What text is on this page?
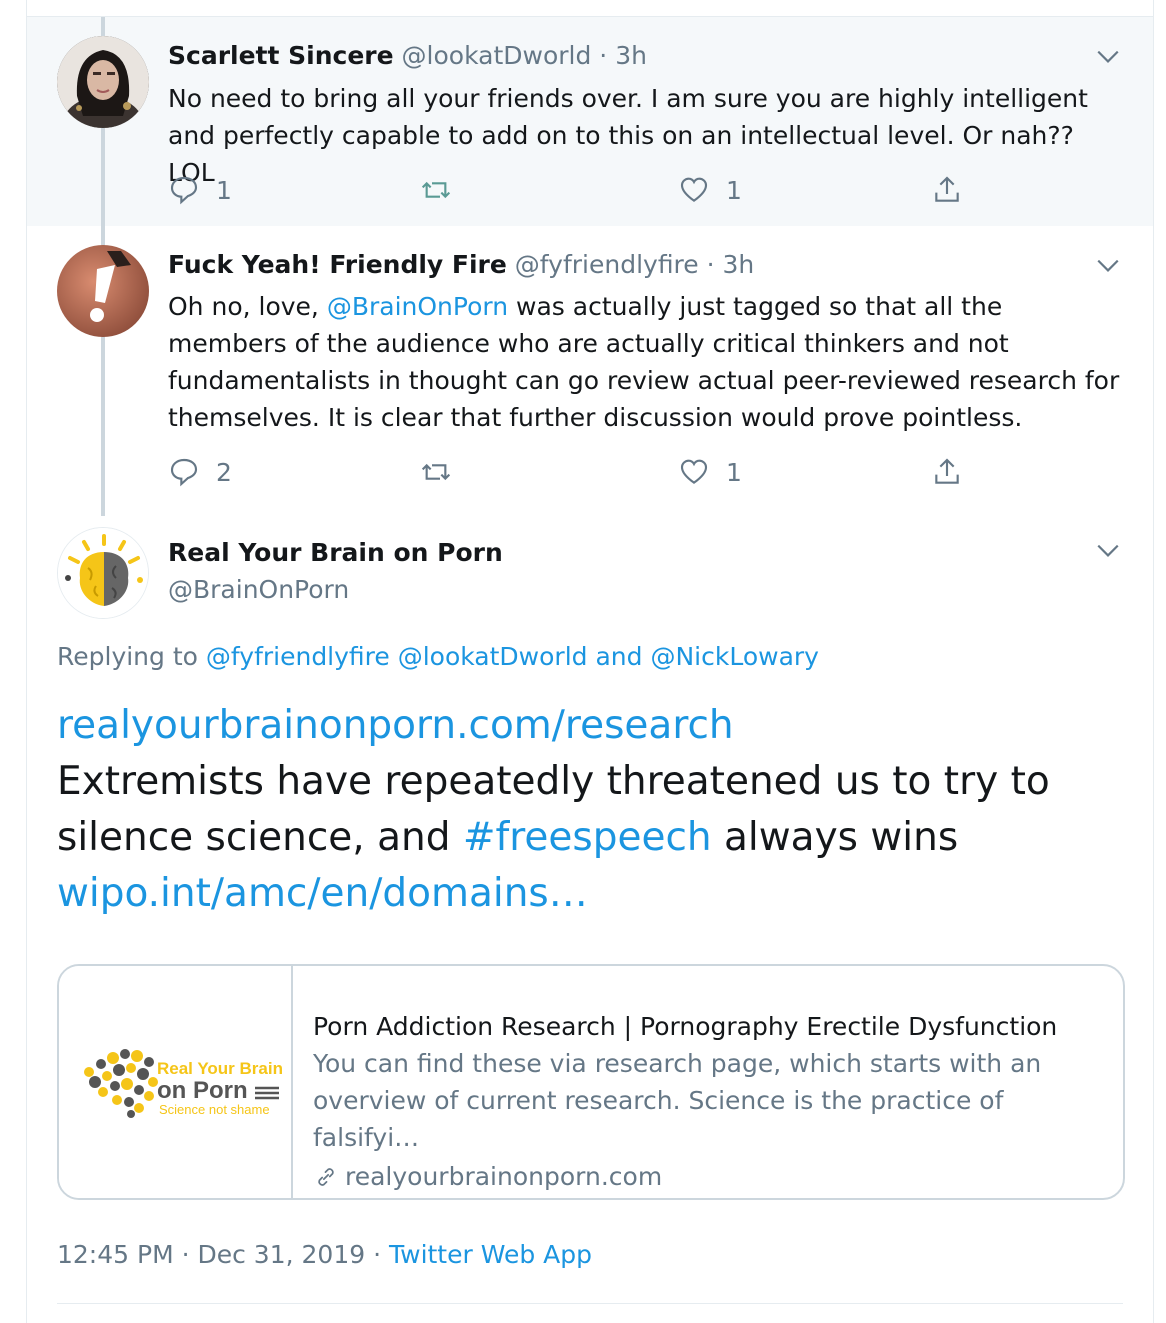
Scarlett Sincere @lookatDworld · 3h
No need to bring all your friends over. I am sure you are highly intelligent and perfectly capable to add on to this on an intellectual level. Or nah?? LOL
1	1
Fuck Yeah! Friendly Fire @fyfriendlyfire · 3h
Oh no, love, @BrainOnPorn was actually just tagged so that all the members of the audience who are actually critical thinkers and not fundamentalists in thought can go review actual peer-reviewed research for themselves. It is clear that further discussion would prove pointless.
2	1
Real Your Brain on Porn
@BrainOnPorn
Replying to @fyfriendlyfire @lookatDworld and @NickLowary
realyourbrainonporn.com/research
Extremists have repeatedly threatened us to try to silence science, and #freespeech always wins
wipo.int/amc/en/domains…
Real Your Brain
on Porn
Science not shame
Porn Addiction Research | Pornography Erectile Dysfunction
You can find these via research page, which starts with an overview of current research. Science is the practice of falsifyi…
realyourbrainonporn.com
12:45 PM · Dec 31, 2019 · Twitter Web App
